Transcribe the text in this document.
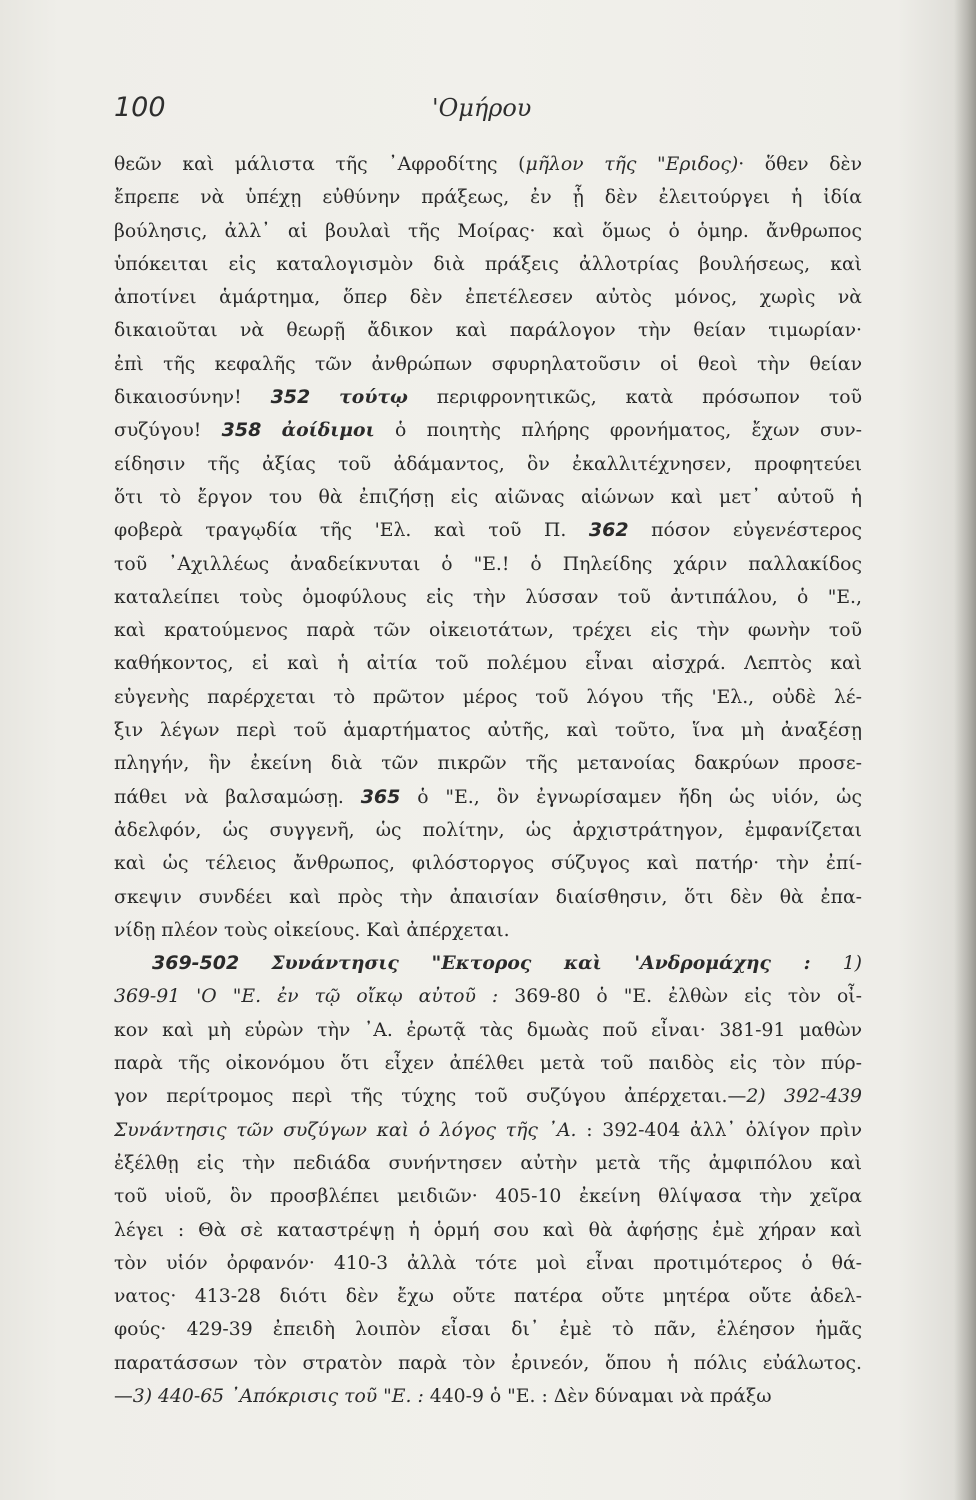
100	'Ομήρου
θεῶν καὶ μάλιστα τῆς ᾿Αφροδίτης (μῆλον τῆς "Εριδος)· ὅθεν δὲν
ἔπρεπε νὰ ὑπέχῃ εὐθύνην πράξεως, ἐν ᾗ δὲν ἐλειτούργει ἡ ἰδία
βούλησις, ἀλλ᾿ αἱ βουλαὶ τῆς Μοίρας· καὶ ὅμως ὁ ὁμηρ. ἄνθρωπος
ὑπόκειται εἰς καταλογισμὸν διὰ πράξεις ἀλλοτρίας βουλήσεως, καὶ
ἀποτίνει ἁμάρτημα, ὅπερ δὲν ἐπετέλεσεν αὐτὸς μόνος, χωρὶς νὰ
δικαιοῦται νὰ θεωρῇ ἄδικον καὶ παράλογον τὴν θείαν τιμωρίαν·
ἐπὶ τῆς κεφαλῆς τῶν ἀνθρώπων σφυρηλατοῦσιν οἱ θεοὶ τὴν θείαν
δικαιοσύνην! 352 τούτῳ περιφρονητικῶς, κατὰ πρόσωπον τοῦ
συζύγου! 358 ἀοίδιμοι ὁ ποιητὴς πλήρης φρονήματος, ἔχων συν-
είδησιν τῆς ἀξίας τοῦ ἀδάμαντος, ὃν ἐκαλλιτέχνησεν, προφητεύει
ὅτι τὸ ἔργον του θὰ ἐπιζήσῃ εἰς αἰῶνας αἰώνων καὶ μετ᾿ αὐτοῦ ἡ
φοβερὰ τραγῳδία τῆς 'Ελ. καὶ τοῦ Π. 362 πόσον εὐγενέστερος
τοῦ ᾿Αχιλλέως ἀναδείκνυται ὁ "Ε.! ὁ Πηλείδης χάριν παλλακίδος
καταλείπει τοὺς ὁμοφύλους εἰς τὴν λύσσαν τοῦ ἀντιπάλου, ὁ "Ε.,
καὶ κρατούμενος παρὰ τῶν οἰκειοτάτων, τρέχει εἰς τὴν φωνὴν τοῦ
καθήκοντος, εἰ καὶ ἡ αἰτία τοῦ πολέμου εἶναι αἰσχρά. Λεπτὸς καὶ
εὐγενὴς παρέρχεται τὸ πρῶτον μέρος τοῦ λόγου τῆς 'Ελ., οὐδὲ λέ-
ξιν λέγων περὶ τοῦ ἁμαρτήματος αὐτῆς, καὶ τοῦτο, ἵνα μὴ ἀναξέσῃ
πληγήν, ἣν ἐκείνη διὰ τῶν πικρῶν τῆς μετανοίας δακρύων προσε-
πάθει νὰ βαλσαμώσῃ. 365 ὁ "Ε., ὃν ἐγνωρίσαμεν ἤδη ὡς υἱόν, ὡς
ἀδελφόν, ὡς συγγενῆ, ὡς πολίτην, ὡς ἀρχιστράτηγον, ἐμφανίζεται
καὶ ὡς τέλειος ἄνθρωπος, φιλόστοργος σύζυγος καὶ πατήρ· τὴν ἐπί-
σκεψιν συνδέει καὶ πρὸς τὴν ἀπαισίαν διαίσθησιν, ὅτι δὲν θὰ ἐπα-
νίδῃ πλέον τοὺς οἰκείους. Καὶ ἀπέρχεται.
369-502 Συνάντησις "Εκτορος καὶ 'Ανδρομάχης : 1)
369-91 'Ο "Ε. ἐν τῷ οἴκῳ αὐτοῦ : 369-80 ὁ "Ε. ἐλθὼν εἰς τὸν οἶ-
κον καὶ μὴ εὑρὼν τὴν ᾿Α. ἐρωτᾷ τὰς δμωὰς ποῦ εἶναι· 381-91 μαθὼν
παρὰ τῆς οἰκονόμου ὅτι εἶχεν ἀπέλθει μετὰ τοῦ παιδὸς εἰς τὸν πύρ-
γον περίτρομος περὶ τῆς τύχης τοῦ συζύγου ἀπέρχεται.—2) 392-439
Συνάντησις τῶν συζύγων καὶ ὁ λόγος τῆς ᾿Α. : 392-404 ἀλλ᾿ ὀλίγον πρὶν
ἐξέλθῃ εἰς τὴν πεδιάδα συνήντησεν αὐτὴν μετὰ τῆς ἀμφιπόλου καὶ
τοῦ υἱοῦ, ὃν προσβλέπει μειδιῶν· 405-10 ἐκείνη θλίψασα τὴν χεῖρα
λέγει : Θὰ σὲ καταστρέψῃ ἡ ὁρμή σου καὶ θὰ ἀφήσῃς ἐμὲ χήραν καὶ
τὸν υἱόν ὀρφανόν· 410-3 ἀλλὰ τότε μοὶ εἶναι προτιμότερος ὁ θά-
νατος· 413-28 διότι δὲν ἔχω οὔτε πατέρα οὔτε μητέρα οὔτε ἀδελ-
φούς· 429-39 ἐπειδὴ λοιπὸν εἶσαι δι᾿ ἐμὲ τὸ πᾶν, ἐλέησον ἡμᾶς
παρατάσσων τὸν στρατὸν παρὰ τὸν ἐρινεόν, ὅπου ἡ πόλις εὐάλωτος.
—3) 440-65 ᾿Απόκρισις τοῦ "Ε. : 440-9 ὁ "Ε. : Δὲν δύναμαι νὰ πράξω
